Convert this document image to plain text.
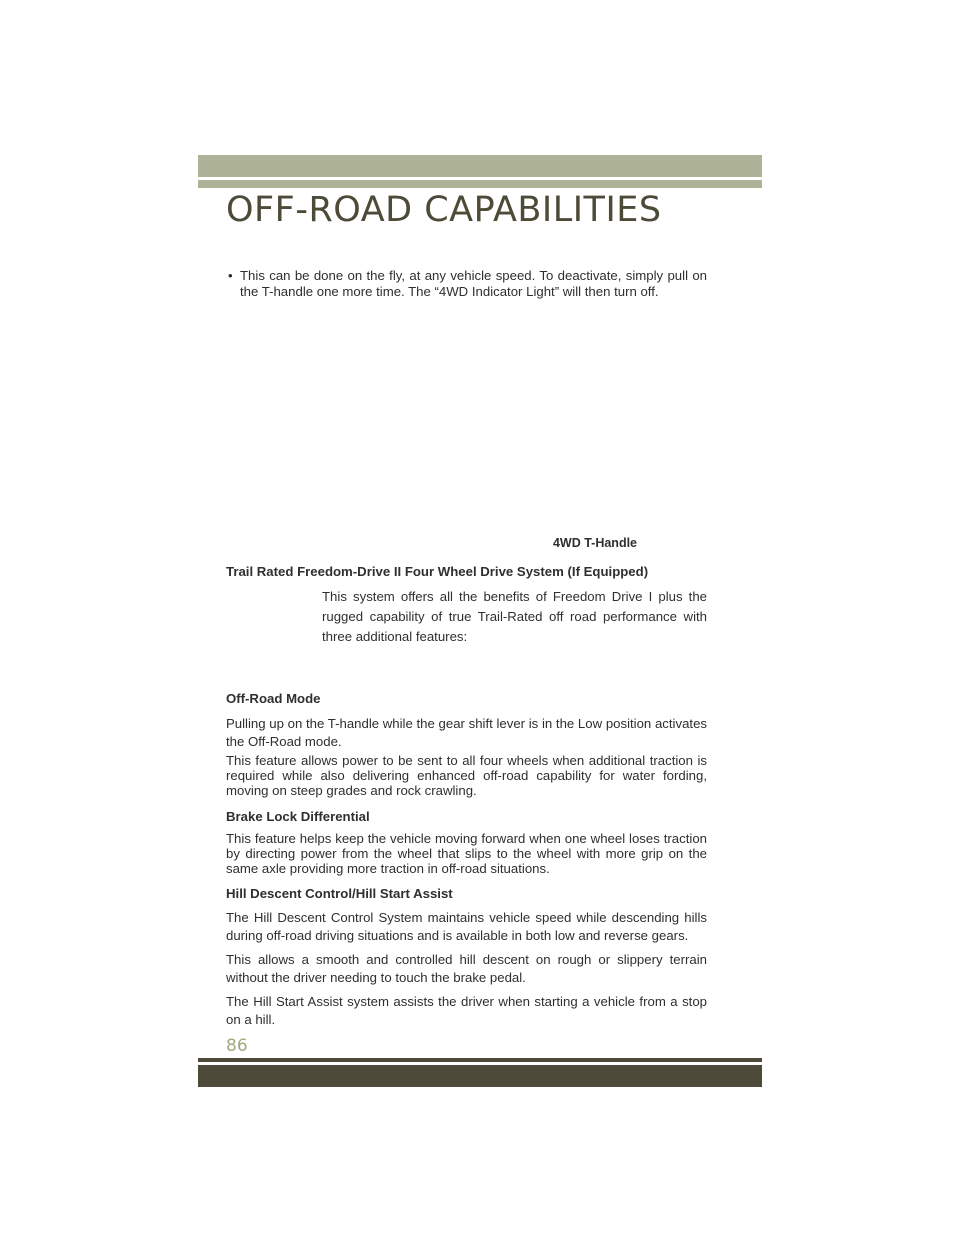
OFF-ROAD CAPABILITIES
• This can be done on the fly, at any vehicle speed. To deactivate, simply pull on the T-handle one more time. The “4WD Indicator Light” will then turn off.
4WD T-Handle
Trail Rated Freedom-Drive II Four Wheel Drive System (If Equipped)
This system offers all the benefits of Freedom Drive I plus the rugged capability of true Trail-Rated off road performance with three additional features:
Off-Road Mode
Pulling up on the T-handle while the gear shift lever is in the Low position activates the Off-Road mode.
This feature allows power to be sent to all four wheels when additional traction is required while also delivering enhanced off-road capability for water fording, moving on steep grades and rock crawling.
Brake Lock Differential
This feature helps keep the vehicle moving forward when one wheel loses traction by directing power from the wheel that slips to the wheel with more grip on the same axle providing more traction in off-road situations.
Hill Descent Control/Hill Start Assist
The Hill Descent Control System maintains vehicle speed while descending hills during off-road driving situations and is available in both low and reverse gears.
This allows a smooth and controlled hill descent on rough or slippery terrain without the driver needing to touch the brake pedal.
The Hill Start Assist system assists the driver when starting a vehicle from a stop on a hill.
86
